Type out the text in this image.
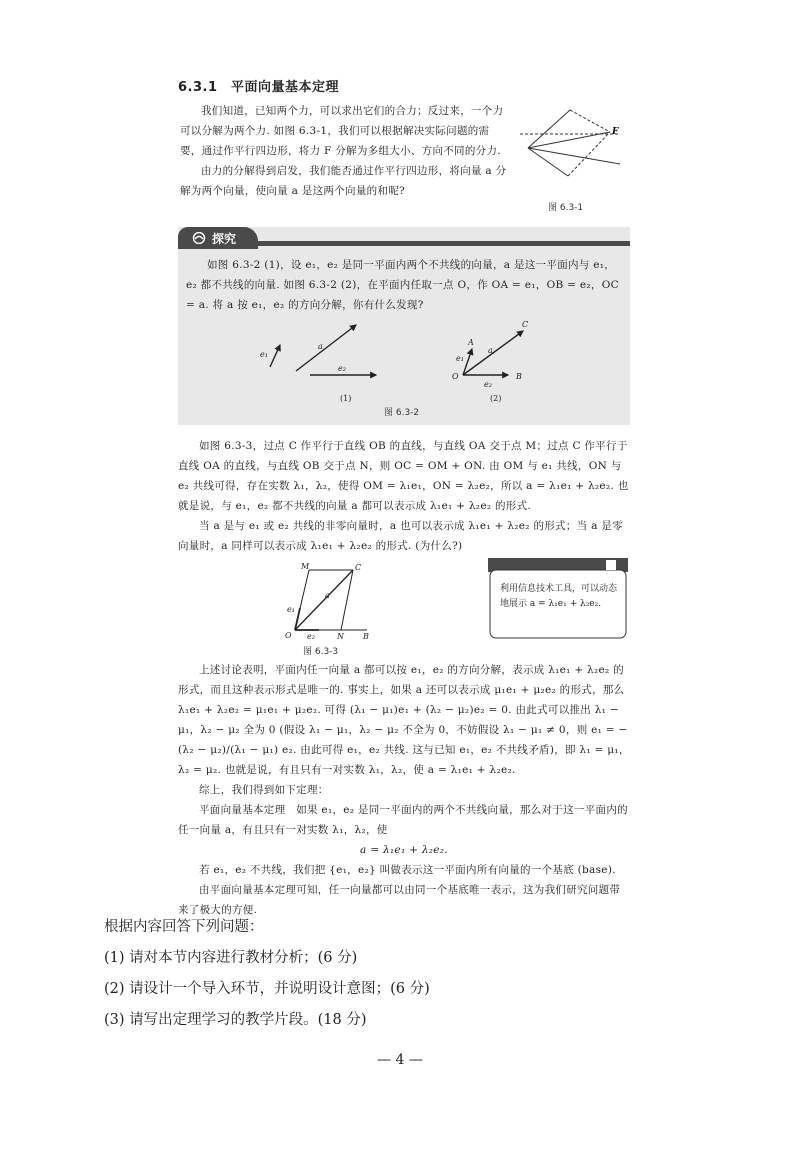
6.3.1　平面向量基本定理

我们知道，已知两个力，可以求出它们的合力；反过来，一个力可以分解为两个力. 如图 6.3-1，我们可以根据解决实际问题的需要，通过作平行四边形，将力 F 分解为多组大小、方向不同的分力.

由力的分解得到启发，我们能否通过作平行四边形，将向量 a 分解为两个向量，使向量 a 是这两个向量的和呢?

F
图 6.3-1
探究

如图 6.3-2 (1)，设 e₁，e₂ 是同一平面内两个不共线的向量，a 是这一平面内与 e₁，e₂ 都不共线的向量. 如图 6.3-2 (2)，在平面内任取一点 O，作 OA = e₁，OB = e₂，OC = a. 将 a 按 e₁，e₂ 的方向分解，你有什么发现?

e₁
a
e₂
(1)
A
C
e₁
a
O
e₂
B
(2)
图 6.3-2

如图 6.3-3，过点 C 作平行于直线 OB 的直线，与直线 OA 交于点 M；过点 C 作平行于直线 OA 的直线，与直线 OB 交于点 N，则 OC = OM + ON. 由 OM 与 e₁ 共线，ON 与 e₂ 共线可得，存在实数 λ₁，λ₂，使得 OM = λ₁e₁，ON = λ₂e₂，所以 a = λ₁e₁ + λ₂e₂. 也就是说，与 e₁，e₂ 都不共线的向量 a 都可以表示成 λ₁e₁ + λ₂e₂ 的形式.

当 a 是与 e₁ 或 e₂ 共线的非零向量时，a 也可以表示成 λ₁e₁ + λ₂e₂ 的形式；当 a 是零向量时，a 同样可以表示成 λ₁e₁ + λ₂e₂ 的形式. (为什么?)

M	C
a
e₁
O e₂	N B
图 6.3-3
利用信息技术工具，可以动态地展示 a = λ₁e₁ + λ₂e₂.

上述讨论表明，平面内任一向量 a 都可以按 e₁，e₂ 的方向分解，表示成 λ₁e₁ + λ₂e₂ 的形式，而且这种表示形式是唯一的. 事实上，如果 a 还可以表示成 μ₁e₁ + μ₂e₂ 的形式，那么 λ₁e₁ + λ₂e₂ = μ₁e₁ + μ₂e₂. 可得 (λ₁ − μ₁)e₁ + (λ₂ − μ₂)e₂ = 0. 由此式可以推出 λ₁ − μ₁，λ₂ − μ₂ 全为 0 (假设 λ₁ − μ₁，λ₂ − μ₂ 不全为 0，不妨假设 λ₁ − μ₁ ≠ 0，则 e₁ = −(λ₂ − μ₂)/(λ₁ − μ₁) e₂. 由此可得 e₁，e₂ 共线. 这与已知 e₁，e₂ 不共线矛盾)，即 λ₁ = μ₁，λ₂ = μ₂. 也就是说，有且只有一对实数 λ₁，λ₂，使 a = λ₁e₁ + λ₂e₂.

综上，我们得到如下定理：

平面向量基本定理　如果 e₁，e₂ 是同一平面内的两个不共线向量，那么对于这一平面内的任一向量 a，有且只有一对实数 λ₁，λ₂，使

a = λ₁e₁ + λ₂e₂.

若 e₁，e₂ 不共线，我们把 {e₁，e₂} 叫做表示这一平面内所有向量的一个基底 (base).

由平面向量基本定理可知，任一向量都可以由同一个基底唯一表示，这为我们研究问题带来了极大的方便.

根据内容回答下列问题：
(1) 请对本节内容进行教材分析；(6 分)
(2) 请设计一个导入环节，并说明设计意图；(6 分)
(3) 请写出定理学习的教学片段。(18 分)
— 4 —
